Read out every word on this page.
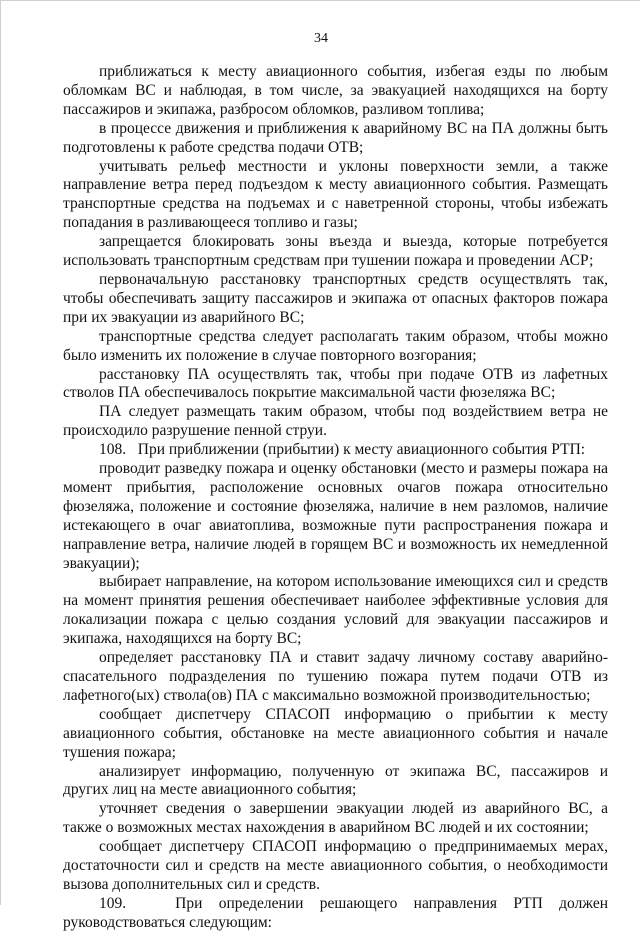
34

приближаться к месту авиационного события, избегая езды по любым обломкам ВС и наблюдая, в том числе, за эвакуацией находящихся на борту пассажиров и экипажа, разбросом обломков, разливом топлива;

в процессе движения и приближения к аварийному ВС на ПА должны быть подготовлены к работе средства подачи ОТВ;

учитывать рельеф местности и уклоны поверхности земли, а также направление ветра перед подъездом к месту авиационного события. Размещать транспортные средства на подъемах и с наветренной стороны, чтобы избежать попадания в разливающееся топливо и газы;

запрещается блокировать зоны въезда и выезда, которые потребуется использовать транспортным средствам при тушении пожара и проведении АСР;

первоначальную расстановку транспортных средств осуществлять так, чтобы обеспечивать защиту пассажиров и экипажа от опасных факторов пожара при их эвакуации из аварийного ВС;

транспортные средства следует располагать таким образом, чтобы можно было изменить их положение в случае повторного возгорания;

расстановку ПА осуществлять так, чтобы при подаче ОТВ из лафетных стволов ПА обеспечивалось покрытие максимальной части фюзеляжа ВС;

ПА следует размещать таким образом, чтобы под воздействием ветра не происходило разрушение пенной струи.

108.   При приближении (прибытии) к месту авиационного события РТП:

проводит разведку пожара и оценку обстановки (место и размеры пожара на момент прибытия, расположение основных очагов пожара относительно фюзеляжа, положение и состояние фюзеляжа, наличие в нем разломов, наличие истекающего в очаг авиатоплива, возможные пути распространения пожара и направление ветра, наличие людей в горящем ВС и возможность их немедленной эвакуации);

выбирает направление, на котором использование имеющихся сил и средств на момент принятия решения обеспечивает наиболее эффективные условия для локализации пожара с целью создания условий для эвакуации пассажиров и экипажа, находящихся на борту ВС;

определяет расстановку ПА и ставит задачу личному составу аварийно-спасательного подразделения по тушению пожара путем подачи ОТВ из лафетного(ых) ствола(ов) ПА с максимально возможной производительностью;

сообщает диспетчеру СПАСОП информацию о прибытии к месту авиационного события, обстановке на месте авиационного события и начале тушения пожара;

анализирует информацию, полученную от экипажа ВС, пассажиров и других лиц на месте авиационного события;

уточняет сведения о завершении эвакуации людей из аварийного ВС, а также о возможных местах нахождения в аварийном ВС людей и их состоянии;

сообщает диспетчеру СПАСОП информацию о предпринимаемых мерах, достаточности сил и средств на месте авиационного события, о необходимости вызова дополнительных сил и средств.

109.   При определении решающего направления РТП должен руководствоваться следующим:
